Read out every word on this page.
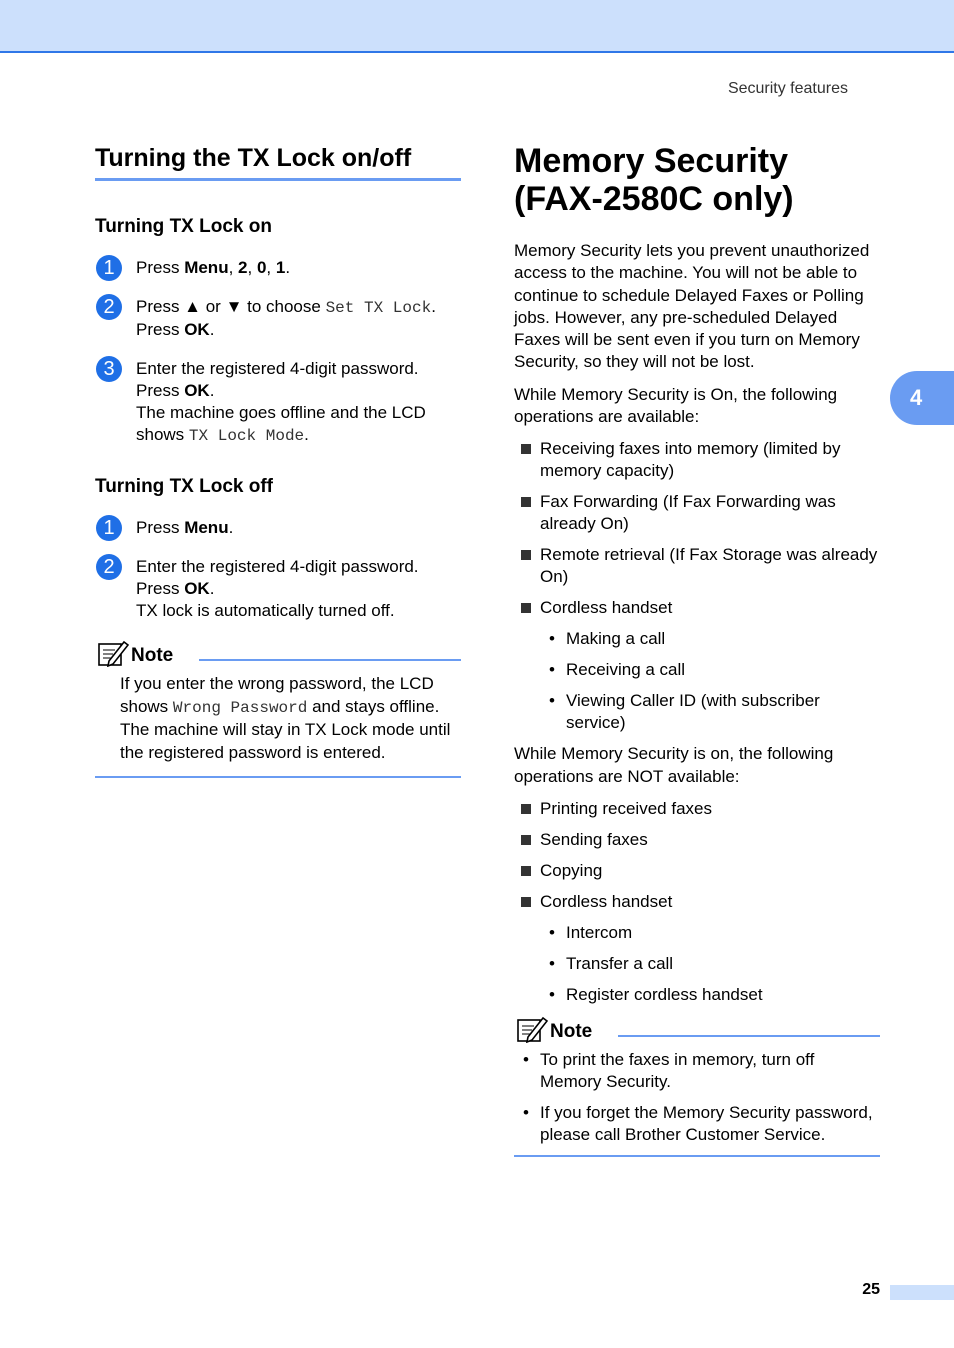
Security features
Turning the TX Lock on/off
Turning TX Lock on
1	Press Menu, 2, 0, 1.
2	Press ▲ or ▼ to choose Set TX Lock.
Press OK.
3	Enter the registered 4-digit password.
Press OK.
The machine goes offline and the LCD
shows TX Lock Mode.
Turning TX Lock off
1	Press Menu.
2	Enter the registered 4-digit password.
Press OK.
TX lock is automatically turned off.
Note
If you enter the wrong password, the LCD shows Wrong Password and stays offline. The machine will stay in TX Lock mode until the registered password is entered.
Memory Security
(FAX-2580C only)
Memory Security lets you prevent unauthorized access to the machine. You will not be able to continue to schedule Delayed Faxes or Polling jobs. However, any pre-scheduled Delayed Faxes will be sent even if you turn on Memory Security, so they will not be lost.
While Memory Security is On, the following operations are available:
Receiving faxes into memory (limited by memory capacity)
Fax Forwarding (If Fax Forwarding was already On)
Remote retrieval (If Fax Storage was already On)
Cordless handset
• Making a call
• Receiving a call
• Viewing Caller ID (with subscriber service)
While Memory Security is on, the following operations are NOT available:
Printing received faxes
Sending faxes
Copying
Cordless handset
• Intercom
• Transfer a call
• Register cordless handset
Note
• To print the faxes in memory, turn off Memory Security.
• If you forget the Memory Security password, please call Brother Customer Service.
4
25
